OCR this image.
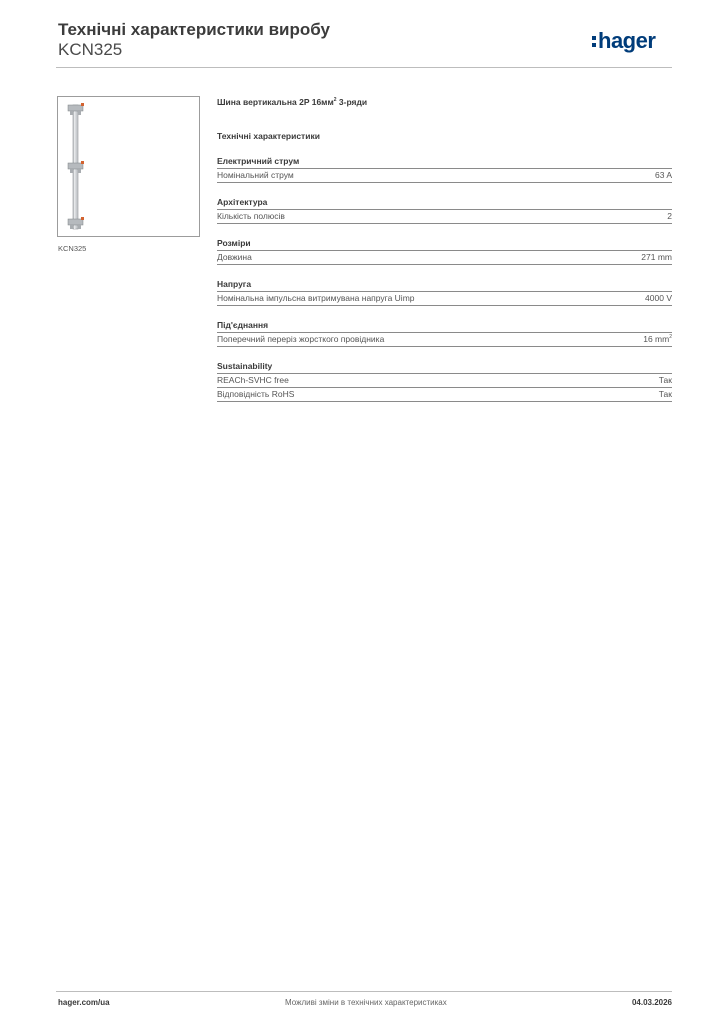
Технічні характеристики виробу
KCN325	hager
KCN325
Шина вертикальна 2P $16мм^2$ 3-ряди
Технічні характеристики
Електричний струм
Номінальний струм	63 A
Архітектура
Кількість полюсів	2
Розміри
Довжина	271 mm
Напруга
Номінальна імпульсна витримувана напруга Uimp	4000 V
Під'єднання
Поперечний переріз жорсткого провідника	16 $mm^2$
Sustainability
REACh-SVHC free	Так
Відповідність RoHS	Так
hager.com/ua	Можливі зміни в технічних характеристиках	04.03.2026
